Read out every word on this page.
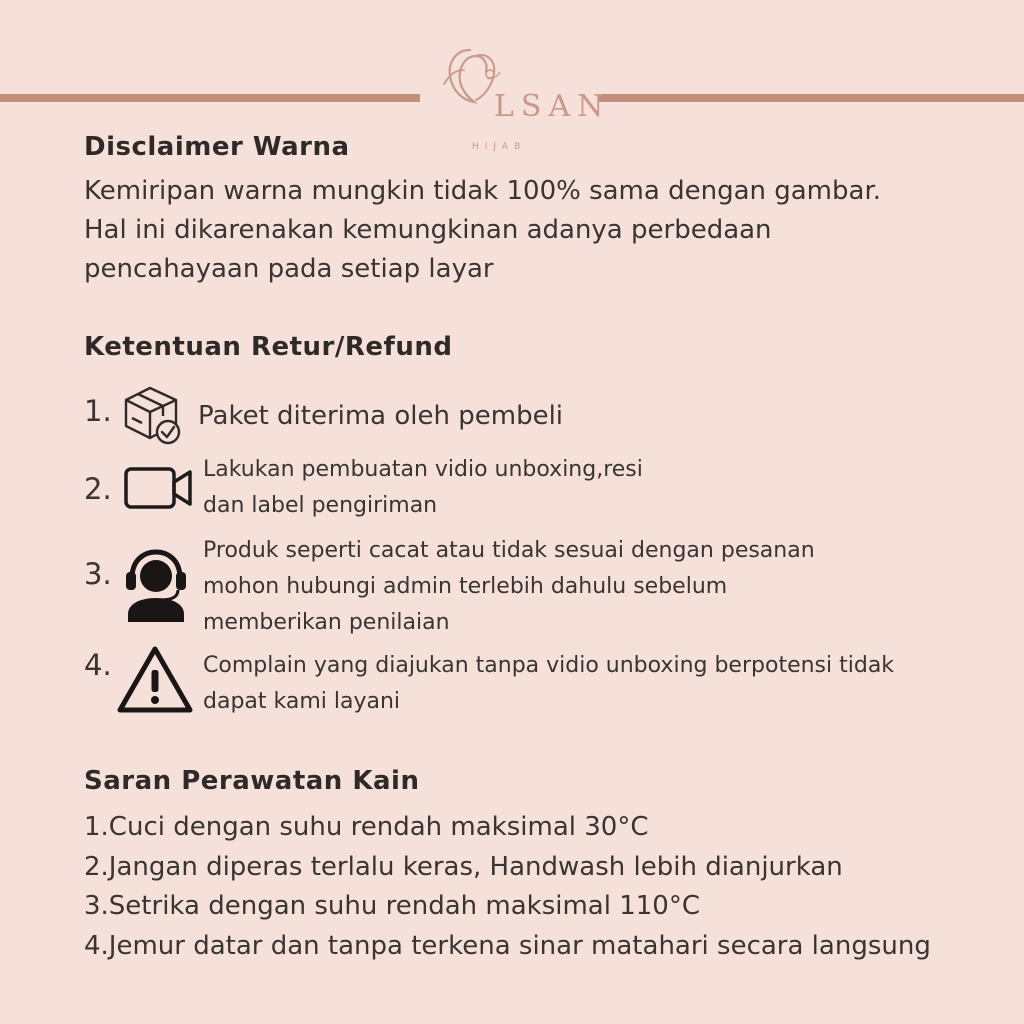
LSAN
HIJAB
Disclaimer Warna

Kemiripan warna mungkin tidak 100% sama dengan gambar.
Hal ini dikarenakan kemungkinan adanya perbedaan
pencahayaan pada setiap layar

Ketentuan Retur/Refund
1.	Paket diterima oleh pembeli
2.
Lakukan pembuatan vidio unboxing,resi
dan label pengiriman
3.
Produk seperti cacat atau tidak sesuai dengan pesanan
mohon hubungi admin terlebih dahulu sebelum
memberikan penilaian
4.	Complain yang diajukan tanpa vidio unboxing berpotensi tidak
dapat kami layani
Saran Perawatan Kain
1.Cuci dengan suhu rendah maksimal 30°C
2.Jangan diperas terlalu keras, Handwash lebih dianjurkan
3.Setrika dengan suhu rendah maksimal 110°C
4.Jemur datar dan tanpa terkena sinar matahari secara langsung
